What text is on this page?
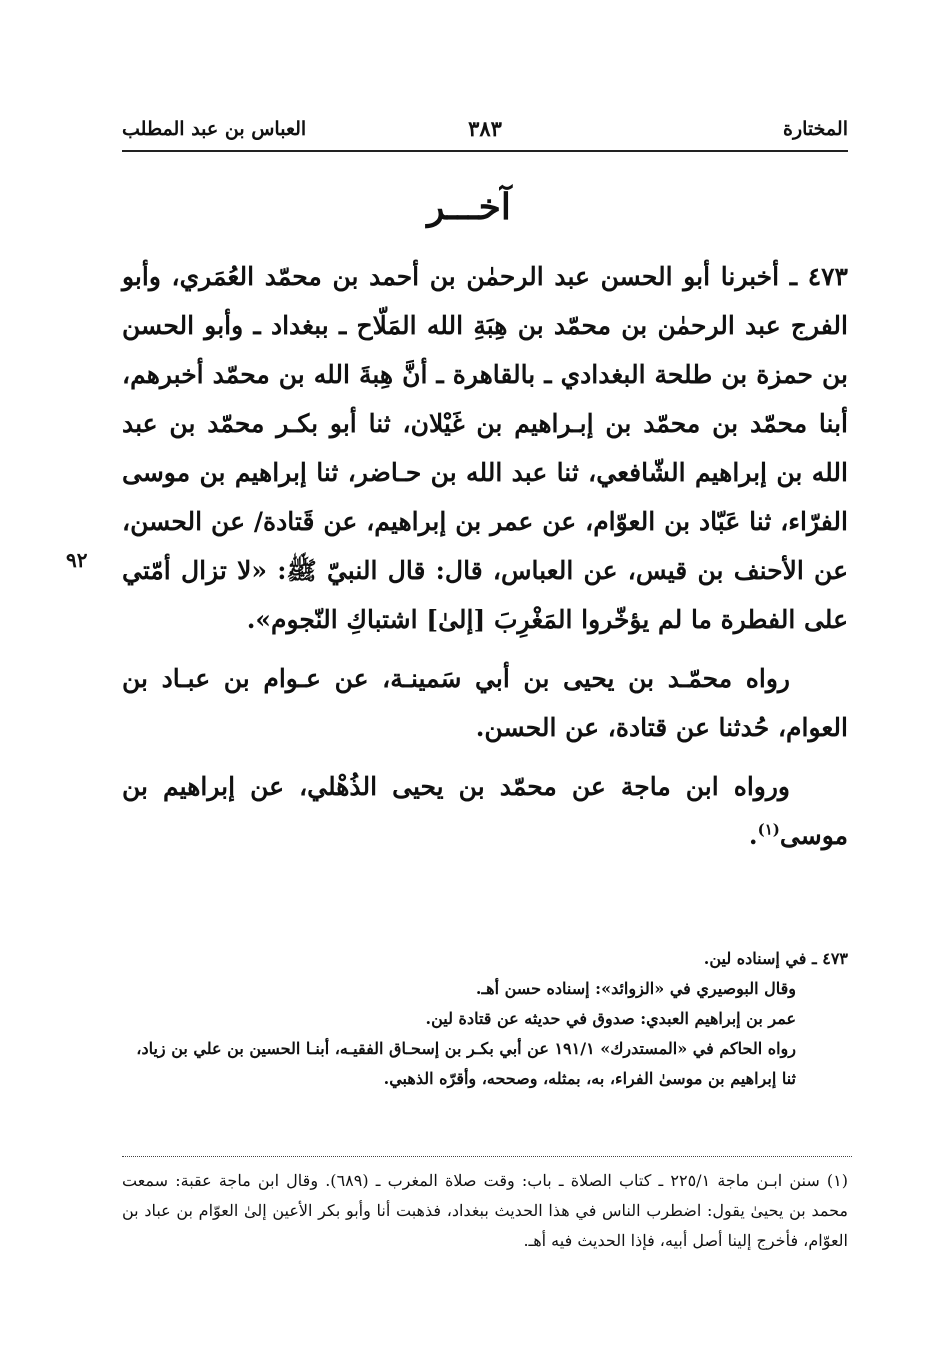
المختارة
٣٨٣
العباس بن عبد المطلب
آخـــر
٩٢

٤٧٣ ـ أخبرنا أبو الحسن عبد الرحمٰن بن أحمد بن محمّد العُمَري، وأبو الفرج عبد الرحمٰن بن محمّد بن هِبَةِ الله المَلّاح ـ ببغداد ـ وأبو الحسن بن حمزة بن طلحة البغدادي ـ بالقاهرة ـ أنَّ هِبةَ الله بن محمّد أخبرهم، أبنا محمّد بن محمّد بن إبـراهيم بن غَيْلان، ثنا أبو بكـر محمّد بن عبد الله بن إبراهيم الشّافعي، ثنا عبد الله بن حـاضر، ثنا إبراهيم بن موسى الفرّاء، ثنا عَبّاد بن العوّام، عن عمر بن إبراهيم، عن قَتادة/ عن الحسن، عن الأحنف بن قيس، عن العباس، قال: قال النبيّ ﷺ: «لا تزال أمّتي على الفطرة ما لم يؤخّروا المَغْرِبَ [إلىٰ] اشتباكِ النّجوم».

رواه محمّـد بن يحيى بن أبي سَمينـة، عن عـوام بن عبـاد بن العوام، حُدثنا عن قتادة، عن الحسن.

ورواه ابن ماجة عن محمّد بن يحيى الذُهْلي، عن إبراهيم بن موسى$^{(١)}$.

٤٧٣ ـ في إسناده لين.

وقال البوصيري في «الزوائد»: إسناده حسن أهـ.

عمر بن إبراهيم العبدي: صدوق في حديثه عن قتادة لين.

رواه الحاكم في «المستدرك» ١٩١/١ عن أبي بكـر بن إسحـاق الفقيـه، أبنـا الحسين بن علي بن زياد، ثنا إبراهيم بن موسىٰ الفراء، به، بمثله، وصححه، وأقرّه الذهبي.

(١) سنن ابـن ماجة ٢٢٥/١ ـ كتاب الصلاة ـ باب: وقت صلاة المغرب ـ (٦٨٩). وقال ابن ماجة عقبة: سمعت محمد بن يحيىٰ يقول: اضطرب الناس في هذا الحديث ببغداد، فذهبت أنا وأبو بكر الأعين إلىٰ العوّام بن عباد بن العوّام، فأخرج إلينا أصل أبيه، فإذا الحديث فيه أهـ.
